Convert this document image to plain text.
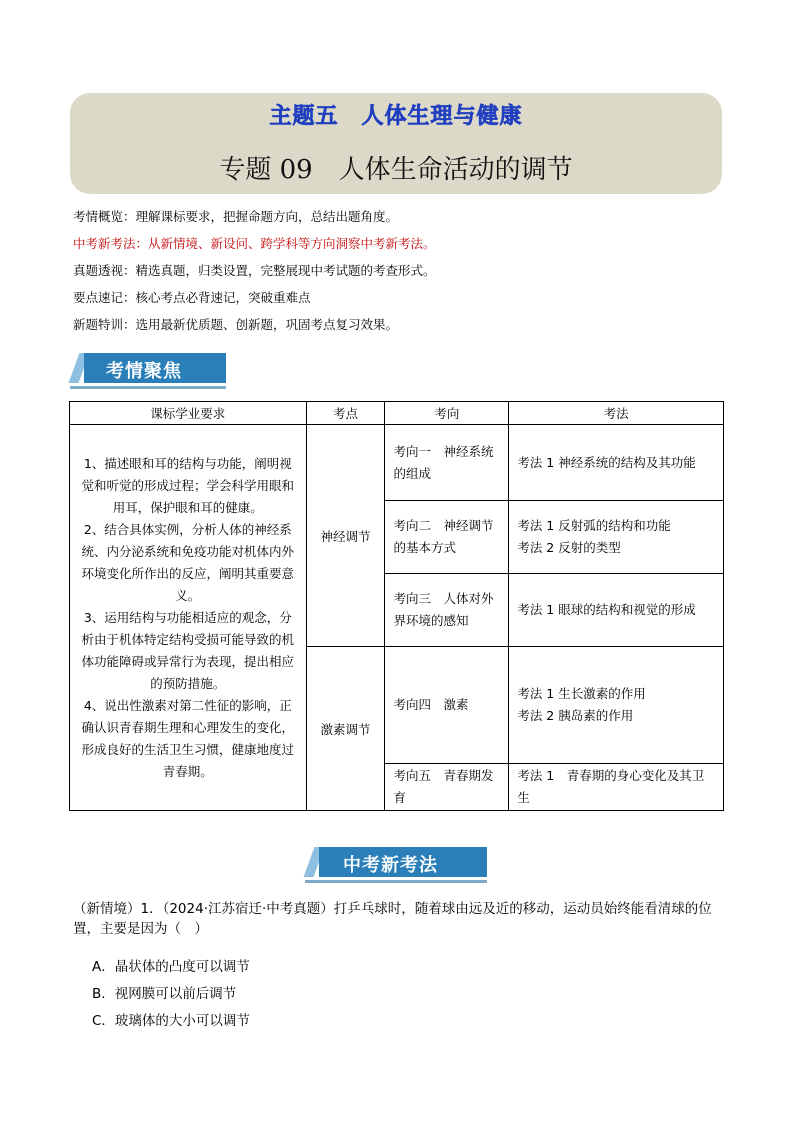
主题五　人体生理与健康
专题 09　人体生命活动的调节
考情概览：理解课标要求，把握命题方向，总结出题角度。
中考新考法：从新情境、新设问、跨学科等方向洞察中考新考法。
真题透视：精选真题，归类设置，完整展现中考试题的考查形式。
要点速记：核心考点必背速记，突破重难点
新题特训：选用最新优质题、创新题，巩固考点复习效果。
考情聚焦
课标学业要求	考点	考向	考法
1、描述眼和耳的结构与功能，阐明视觉和听觉的形成过程；学会科学用眼和用耳，保护眼和耳的健康。
2、结合具体实例，分析人体的神经系统、内分泌系统和免疫功能对机体内外环境变化所作出的反应，阐明其重要意义。
3、运用结构与功能相适应的观念，分析由于机体特定结构受损可能导致的机体功能障碍或异常行为表现，提出相应的预防措施。
4、说出性激素对第二性征的影响，正确认识青春期生理和心理发生的变化，形成良好的生活卫生习惯，健康地度过青春期。	神经调节	考向一　神经系统的组成	考法 1 神经系统的结构及其功能
		考向二　神经调节的基本方式	考法 1 反射弧的结构和功能
考法 2 反射的类型
		考向三　人体对外界环境的感知	考法 1 眼球的结构和视觉的形成
	激素调节	考向四　激素	考法 1 生长激素的作用
考法 2 胰岛素的作用
		考向五　青春期发育	考法 1　青春期的身心变化及其卫生
中考新考法
（新情境）1．（2024·江苏宿迁·中考真题）打乒乓球时，随着球由远及近的移动，运动员始终能看清球的位置，主要是因为（　）
A．晶状体的凸度可以调节
B．视网膜可以前后调节
C．玻璃体的大小可以调节
